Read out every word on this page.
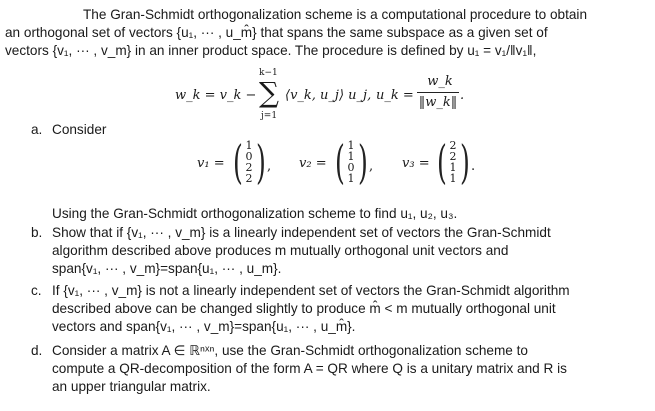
The Gran-Schmidt orthogonalization scheme is a computational procedure to obtain
an orthogonal set of vectors {u₁, ··· , u_m̂} that spans the same subspace as a given set of
vectors {v₁, ··· , v_m} in an inner product space. The procedure is defined by u₁ = v₁/‖v₁‖,
w_k = v_k −
k−1
∑
j=1
⟨v_k, u_j⟩ u_j, u_k =
w_k
‖w_k‖ .
a. Consider
v₁ = ( 1
0
2
2 ) , v₂ = ( 1
1
0
1 ) , v₃ = ( 2
2
1
1 ) .
Using the Gran-Schmidt orthogonalization scheme to find u₁, u₂, u₃.
b. Show that if {v₁, ··· , v_m} is a linearly independent set of vectors the Gran-Schmidt
algorithm described above produces m mutually orthogonal unit vectors and
span{v₁, ··· , v_m}=span{u₁, ··· , u_m}.
c. If {v₁, ··· , v_m} is not a linearly independent set of vectors the Gran-Schmidt algorithm
described above can be changed slightly to produce m̂ < m mutually orthogonal unit
vectors and span{v₁, ··· , v_m}=span{u₁, ··· , u_m̂}.
d. Consider a matrix A ∈ ℝⁿˣⁿ, use the Gran-Schmidt orthogonalization scheme to
compute a QR-decomposition of the form A = QR where Q is a unitary matrix and R is
an upper triangular matrix.
